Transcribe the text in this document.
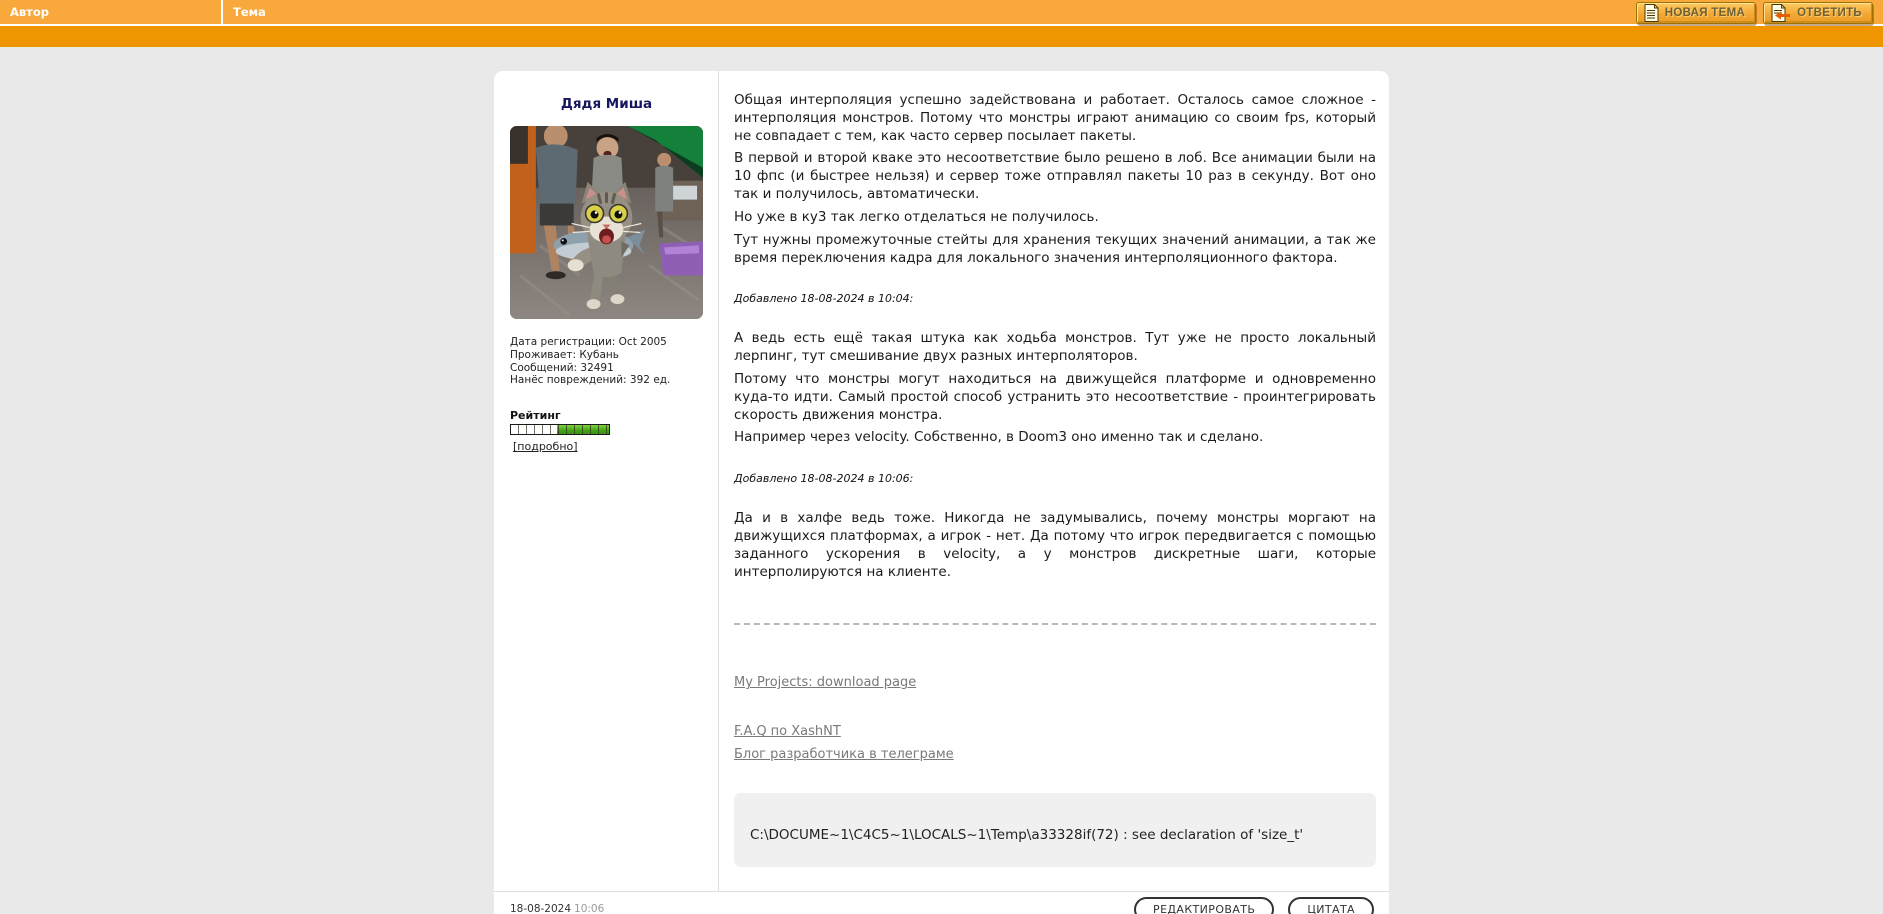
Автор	Тема	НОВАЯ ТЕМА	ОТВЕТИТЬ
Дядя Миша
Дата регистрации: Oct 2005
Проживает: Кубань
Сообщений: 32491
Нанёс повреждений: 392 ед.
Рейтинг
[подробно]
Общая интерполяция успешно задействована и работает. Осталось самое сложное - интерполяция монстров. Потому что монстры играют анимацию со своим fps, который не совпадает с тем, как часто сервер посылает пакеты.
В первой и второй кваке это несоответствие было решено в лоб. Все анимации были на 10 фпс (и быстрее нельзя) и сервер тоже отправлял пакеты 10 раз в секунду. Вот оно так и получилось, автоматически.
Но уже в ку3 так легко отделаться не получилось.
Тут нужны промежуточные стейты для хранения текущих значений анимации, а так же время переключения кадра для локального значения интерполяционного фактора.
Добавлено 18-08-2024 в 10:04:
А ведь есть ещё такая штука как ходьба монстров. Тут уже не просто локальный лерпинг, тут смешивание двух разных интерполяторов.
Потому что монстры могут находиться на движущейся платформе и одновременно куда-то идти. Самый простой способ устранить это несоответствие - проинтегрировать скорость движения монстра.
Например через velocity. Собственно, в Doom3 оно именно так и сделано.
Добавлено 18-08-2024 в 10:06:
Да и в халфе ведь тоже. Никогда не задумывались, почему монстры моргают на движущихся платформах, а игрок - нет. Да потому что игрок передвигается с помощью заданного ускорения в velocity, а у монстров дискретные шаги, которые интерполируются на клиенте.
My Projects: download page
F.A.Q по XashNT
Блог разработчика в телеграме
C:\DOCUME~1\C4C5~1\LOCALS~1\Temp\a33328if(72) : see declaration of 'size_t'
18-08-2024 10:06	РЕДАКТИРОВАТЬ	ЦИТАТА
